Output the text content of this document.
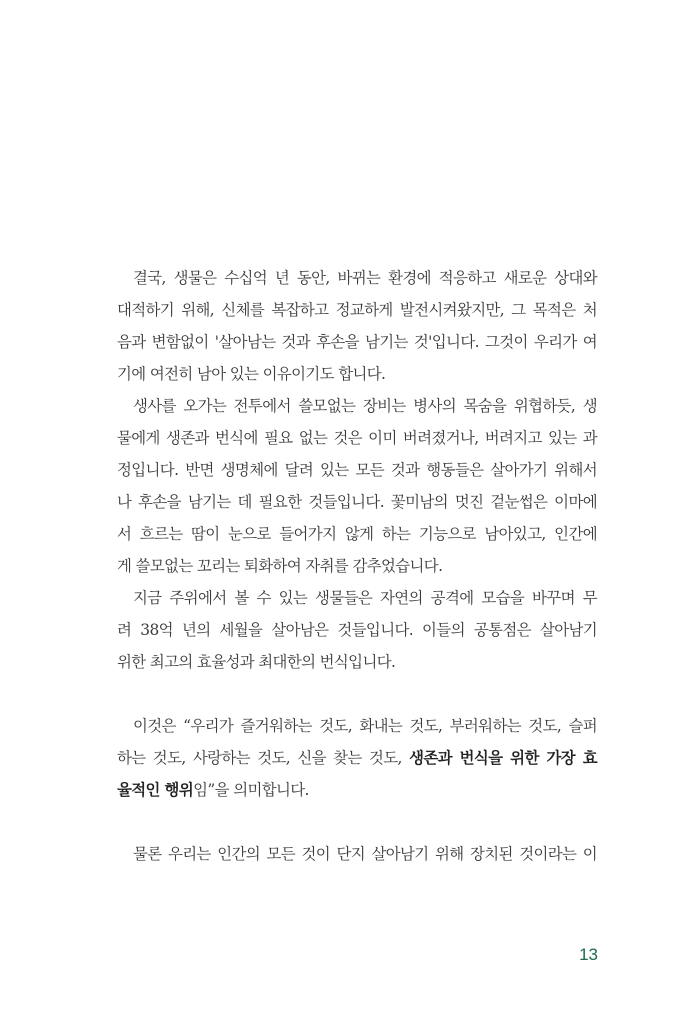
결국, 생물은 수십억 년 동안, 바뀌는 환경에 적응하고 새로운 상대와
대적하기 위해, 신체를 복잡하고 정교하게 발전시켜왔지만, 그 목적은 처
음과 변함없이 '살아남는 것과 후손을 남기는 것'입니다. 그것이 우리가 여
기에 여전히 남아 있는 이유이기도 합니다.
생사를 오가는 전투에서 쓸모없는 장비는 병사의 목숨을 위협하듯, 생
물에게 생존과 번식에 필요 없는 것은 이미 버려졌거나, 버려지고 있는 과
정입니다. 반면 생명체에 달려 있는 모든 것과 행동들은 살아가기 위해서
나 후손을 남기는 데 필요한 것들입니다. 꽃미남의 멋진 겉눈썹은 이마에
서 흐르는 땀이 눈으로 들어가지 않게 하는 기능으로 남아있고, 인간에
게 쓸모없는 꼬리는 퇴화하여 자취를 감추었습니다.
지금 주위에서 볼 수 있는 생물들은 자연의 공격에 모습을 바꾸며 무
려 38억 년의 세월을 살아남은 것들입니다. 이들의 공통점은 살아남기
위한 최고의 효율성과 최대한의 번식입니다.
이것은 “우리가 즐거워하는 것도, 화내는 것도, 부러워하는 것도, 슬퍼
하는 것도, 사랑하는 것도, 신을 찾는 것도, 생존과 번식을 위한 가장 효
율적인 행위임”을 의미합니다.
물론 우리는 인간의 모든 것이 단지 살아남기 위해 장치된 것이라는 이
13
